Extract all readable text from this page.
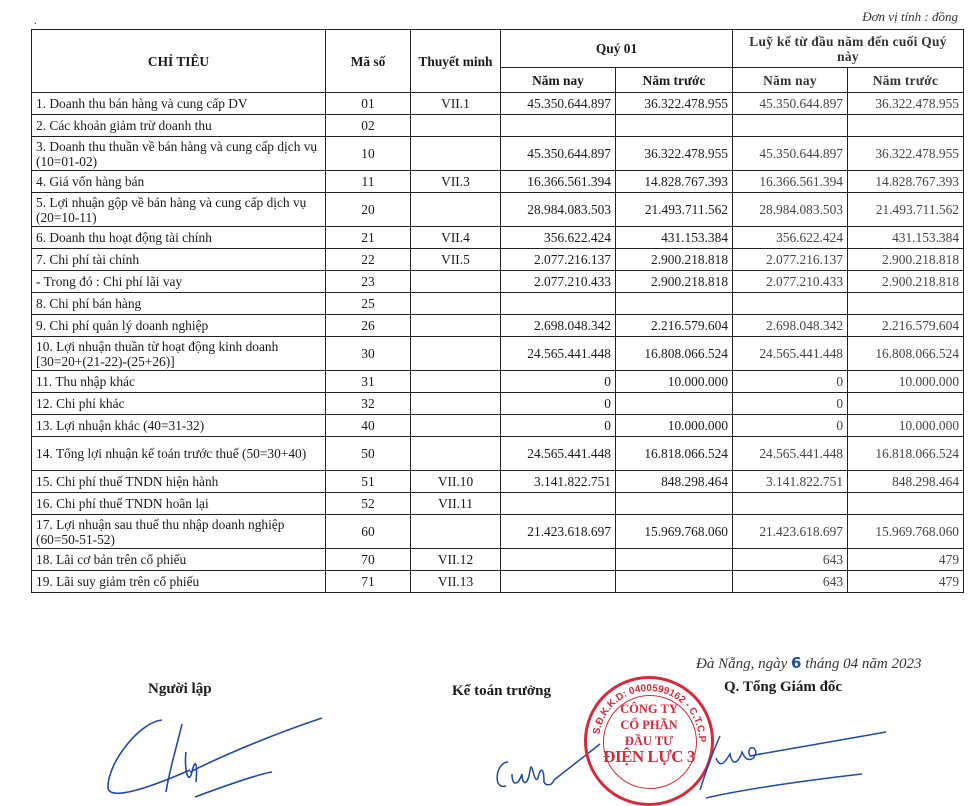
.	Đơn vị tính : đồng
CHỈ TIÊU	Mã số	Thuyết minh	Quý 01		Luỹ kế từ đầu năm đến cuối Quý này	
			Năm nay	Năm trước	Năm nay	Năm trước
1. Doanh thu bán hàng và cung cấp DV	01	VII.1	45.350.644.897	36.322.478.955	45.350.644.897	36.322.478.955
2. Các khoản giảm trừ doanh thu	02					
3. Doanh thu thuần về bán hàng và cung cấp dịch vụ (10=01-02)	10		45.350.644.897	36.322.478.955	45.350.644.897	36.322.478.955
4. Giá vốn hàng bán	11	VII.3	16.366.561.394	14.828.767.393	16.366.561.394	14.828.767.393
5. Lợi nhuận gộp về bán hàng và cung cấp dịch vụ (20=10-11)	20		28.984.083.503	21.493.711.562	28.984.083.503	21.493.711.562
6. Doanh thu hoạt động tài chính	21	VII.4	356.622.424	431.153.384	356.622.424	431.153.384
7. Chi phí tài chính	22	VII.5	2.077.216.137	2.900.218.818	2.077.216.137	2.900.218.818
- Trong đó : Chi phí lãi vay	23		2.077.210.433	2.900.218.818	2.077.210.433	2.900.218.818
8. Chi phí bán hàng	25					
9. Chi phí quản lý doanh nghiệp	26		2.698.048.342	2.216.579.604	2.698.048.342	2.216.579.604
10. Lợi nhuận thuần từ hoạt động kinh doanh [30=20+(21-22)-(25+26)]	30		24.565.441.448	16.808.066.524	24.565.441.448	16.808.066.524
11. Thu nhập khác	31		0	10.000.000	0	10.000.000
12. Chi phí khác	32		0		0	
13. Lợi nhuận khác (40=31-32)	40		0	10.000.000	0	10.000.000
14. Tổng lợi nhuận kế toán trước thuế (50=30+40)	50		24.565.441.448	16.818.066.524	24.565.441.448	16.818.066.524
15. Chi phí thuế TNDN hiện hành	51	VII.10	3.141.822.751	848.298.464	3.141.822.751	848.298.464
16. Chi phí thuế TNDN hoãn lại	52	VII.11				
17. Lợi nhuận sau thuế thu nhập doanh nghiệp (60=50-51-52)	60		21.423.618.697	15.969.768.060	21.423.618.697	15.969.768.060
18. Lãi cơ bản trên cổ phiếu	70	VII.12			643	479
19. Lãi suy giảm trên cổ phiếu	71	VII.13			643	479
Đà Nẵng, ngày 6 tháng 04 năm 2023
Người lập	Kế toán trưởng	Q. Tổng Giám đốc
S.Đ.K.K.D: 0400599162 - C.T.C.P
CÔNG TY
CỔ PHẦN
ĐẦU TƯ
ĐIỆN LỰC 3
